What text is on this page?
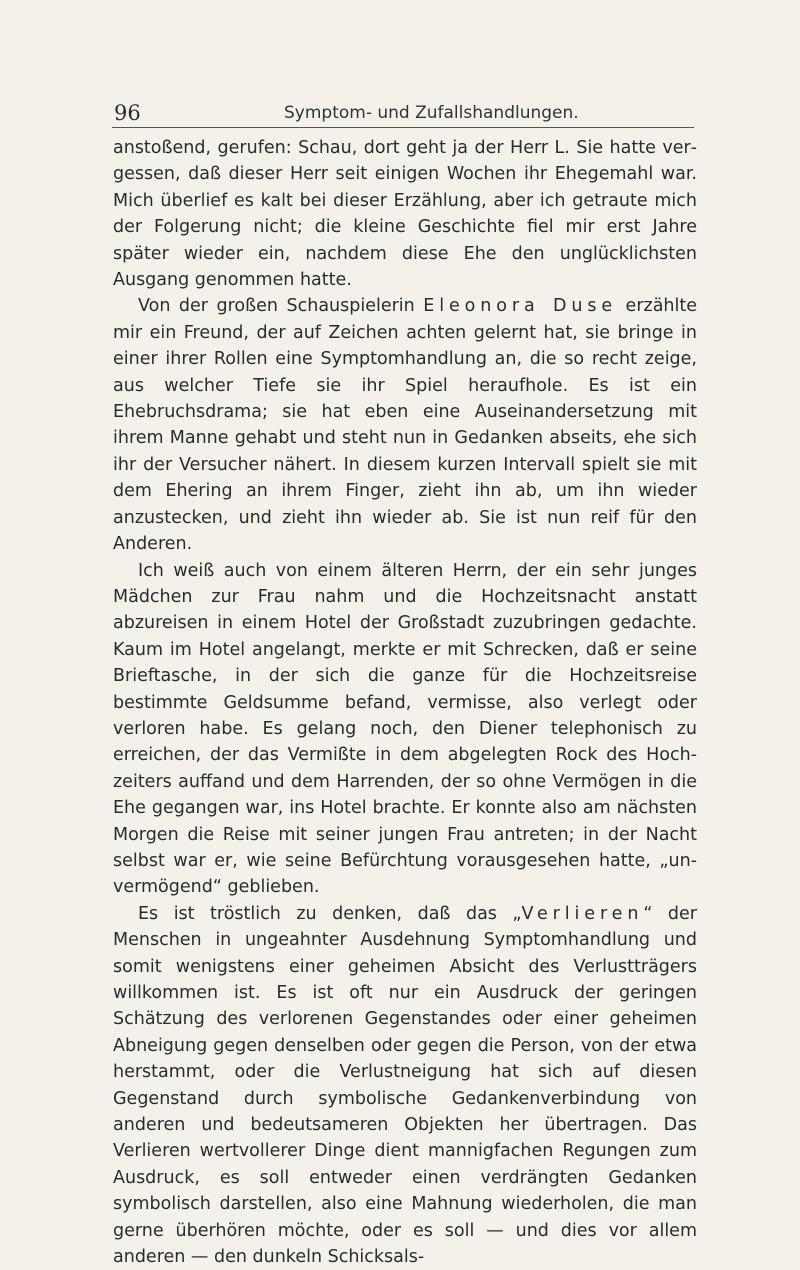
96	Symptom- und Zufallshandlungen.

anstoßend, gerufen: Schau, dort geht ja der Herr L. Sie hatte vergessen, daß dieser Herr seit einigen Wochen ihr Ehegemahl war. Mich überlief es kalt bei dieser Erzählung, aber ich getraute mich der Folgerung nicht; die kleine Geschichte fiel mir erst Jahre später wieder ein, nachdem diese Ehe den unglücklichsten Ausgang genommen hatte.

Von der großen Schauspielerin Eleonora Duse erzählte mir ein Freund, der auf Zeichen achten gelernt hat, sie bringe in einer ihrer Rollen eine Symptomhandlung an, die so recht zeige, aus welcher Tiefe sie ihr Spiel heraufhole. Es ist ein Ehebruchsdrama; sie hat eben eine Auseinandersetzung mit ihrem Manne gehabt und steht nun in Gedanken abseits, ehe sich ihr der Versucher nähert. In diesem kurzen Intervall spielt sie mit dem Ehering an ihrem Finger, zieht ihn ab, um ihn wieder anzustecken, und zieht ihn wieder ab. Sie ist nun reif für den Anderen.

Ich weiß auch von einem älteren Herrn, der ein sehr junges Mädchen zur Frau nahm und die Hochzeitsnacht anstatt abzureisen in einem Hotel der Großstadt zuzubringen gedachte. Kaum im Hotel angelangt, merkte er mit Schrecken, daß er seine Brieftasche, in der sich die ganze für die Hochzeitsreise bestimmte Geldsumme befand, vermisse, also verlegt oder verloren habe. Es gelang noch, den Diener telephonisch zu erreichen, der das Vermißte in dem abgelegten Rock des Hochzeiters auffand und dem Harrenden, der so ohne Vermögen in die Ehe gegangen war, ins Hotel brachte. Er konnte also am nächsten Morgen die Reise mit seiner jungen Frau antreten; in der Nacht selbst war er, wie seine Befürchtung vorausgesehen hatte, „unvermögend“ geblieben.

Es ist tröstlich zu denken, daß das „Verlieren“ der Menschen in ungeahnter Ausdehnung Symptomhandlung und somit wenigstens einer geheimen Absicht des Verlustträgers willkommen ist. Es ist oft nur ein Ausdruck der geringen Schätzung des verlorenen Gegenstandes oder einer geheimen Abneigung gegen denselben oder gegen die Person, von der etwa herstammt, oder die Verlustneigung hat sich auf diesen Gegenstand durch symbolische Gedankenverbindung von anderen und bedeutsameren Objekten her übertragen. Das Verlieren wertvollerer Dinge dient mannigfachen Regungen zum Ausdruck, es soll entweder einen verdrängten Gedanken symbolisch darstellen, also eine Mahnung wiederholen, die man gerne überhören möchte, oder es soll — und dies vor allem anderen — den dunkeln Schicksals-
